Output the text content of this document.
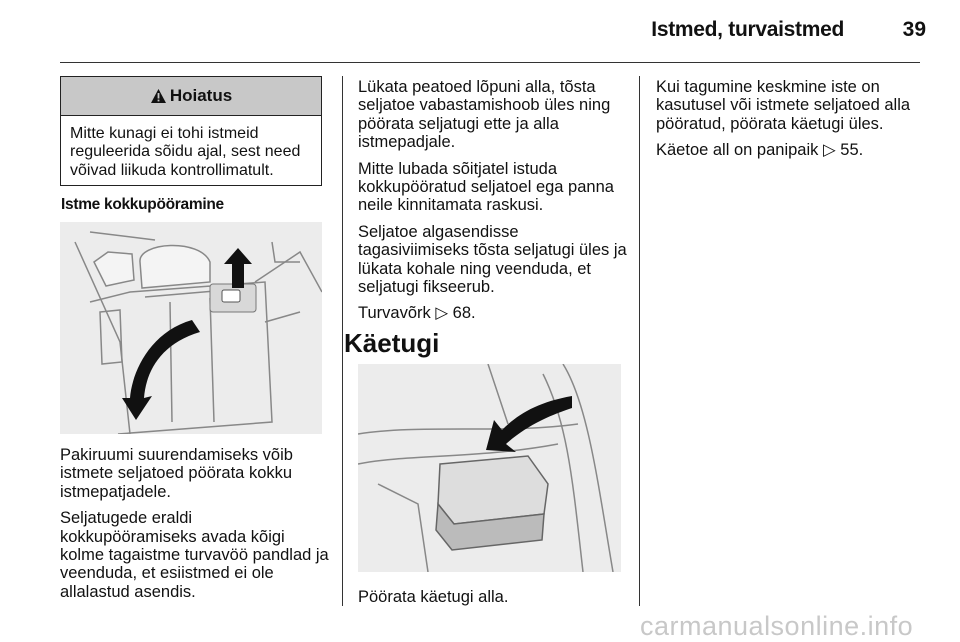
Istmed, turvaistmed	39
Hoiatus
Mitte kunagi ei tohi istmeid reguleerida sõidu ajal, sest need võivad liikuda kontrollimatult.
Istme kokkupööramine

Pakiruumi suurendamiseks võib istmete seljatoed pöörata kokku istmepatjadele.

Seljatugede eraldi kokkupööramiseks avada kõigi kolme tagaistme turvavöö pandlad ja veenduda, et esiistmed ei ole allalastud asendis.

Lükata peatoed lõpuni alla, tõsta seljatoe vabastamishoob üles ning pöörata seljatugi ette ja alla istmepadjale.

Mitte lubada sõitjatel istuda kokkupööratud seljatoel ega panna neile kinnitamata raskusi.

Seljatoe algasendisse tagasiviimiseks tõsta seljatugi üles ja lükata kohale ning veenduda, et seljatugi fikseerub.

Turvavõrk ▷ 68.

Käetugi
Pöörata käetugi alla.

Kui tagumine keskmine iste on kasutusel või istmete seljatoed alla pööratud, pöörata käetugi üles.

Käetoe all on panipaik ▷ 55.

carmanualsonline.info
